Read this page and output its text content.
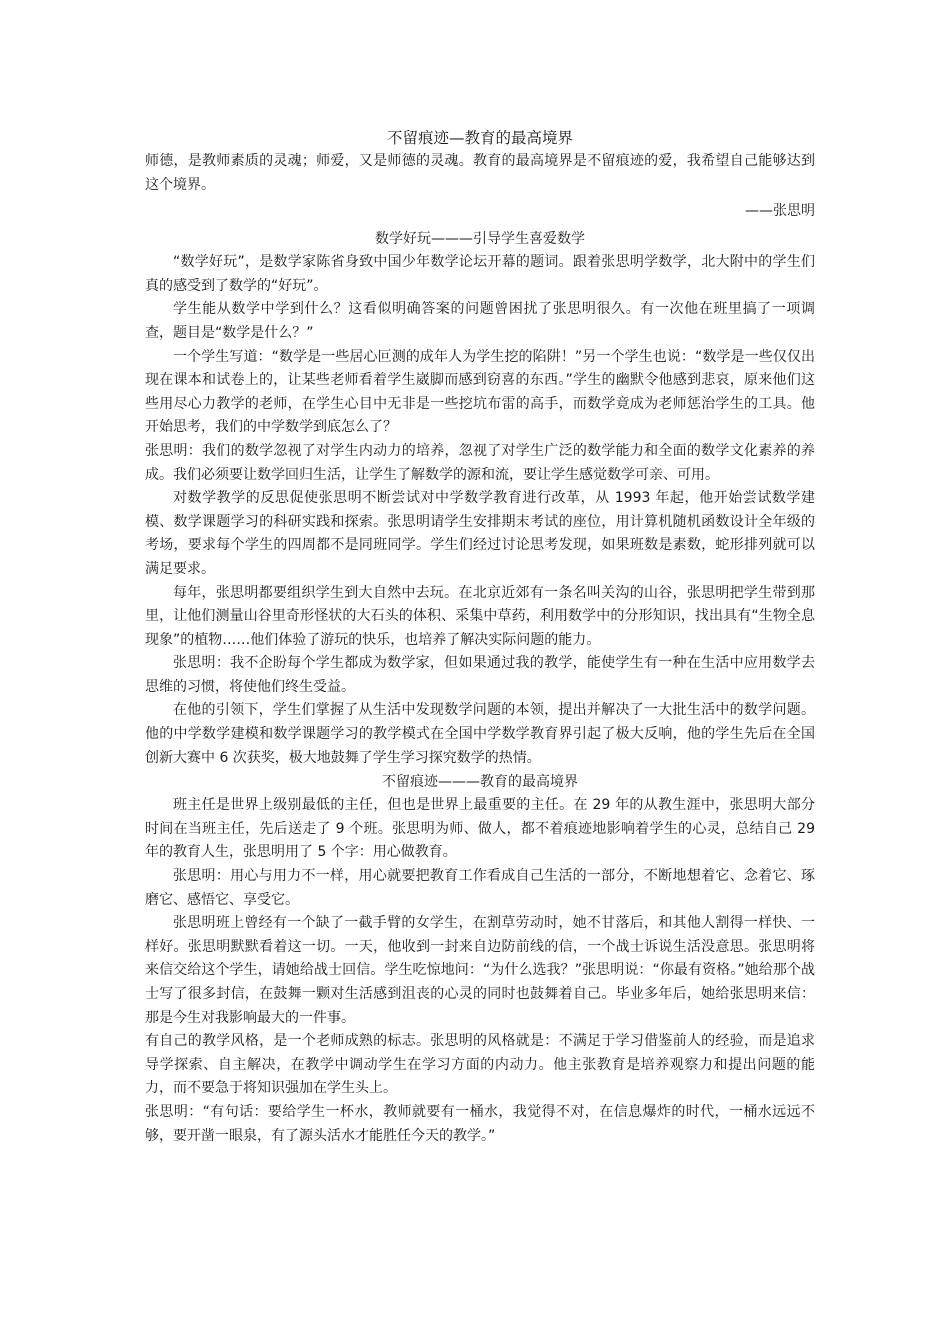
不留痕迹—教育的最高境界

师德，是教师素质的灵魂；师爱，又是师德的灵魂。教育的最高境界是不留痕迹的爱，我希望自己能够达到这个境界。

——张思明
数学好玩———引导学生喜爱数学

“数学好玩”，是数学家陈省身致中国少年数学论坛开幕的题词。跟着张思明学数学，北大附中的学生们真的感受到了数学的“好玩”。

学生能从数学中学到什么？这看似明确答案的问题曾困扰了张思明很久。有一次他在班里搞了一项调查，题目是“数学是什么？”

一个学生写道：“数学是一些居心叵测的成年人为学生挖的陷阱！”另一个学生也说：“数学是一些仅仅出现在课本和试卷上的，让某些老师看着学生崴脚而感到窃喜的东西。”学生的幽默令他感到悲哀，原来他们这些用尽心力教学的老师，在学生心目中无非是一些挖坑布雷的高手，而数学竟成为老师惩治学生的工具。他开始思考，我们的中学数学到底怎么了？

张思明：我们的数学忽视了对学生内动力的培养，忽视了对学生广泛的数学能力和全面的数学文化素养的养成。我们必须要让数学回归生活，让学生了解数学的源和流，要让学生感觉数学可亲、可用。

对数学教学的反思促使张思明不断尝试对中学数学教育进行改革，从 1993 年起，他开始尝试数学建模、数学课题学习的科研实践和探索。张思明请学生安排期末考试的座位，用计算机随机函数设计全年级的考场，要求每个学生的四周都不是同班同学。学生们经过讨论思考发现，如果班数是素数，蛇形排列就可以满足要求。

每年，张思明都要组织学生到大自然中去玩。在北京近郊有一条名叫关沟的山谷，张思明把学生带到那里，让他们测量山谷里奇形怪状的大石头的体积、采集中草药，利用数学中的分形知识，找出具有“生物全息现象”的植物……他们体验了游玩的快乐，也培养了解决实际问题的能力。

张思明：我不企盼每个学生都成为数学家，但如果通过我的教学，能使学生有一种在生活中应用数学去思维的习惯，将使他们终生受益。

在他的引领下，学生们掌握了从生活中发现数学问题的本领，提出并解决了一大批生活中的数学问题。他的中学数学建模和数学课题学习的教学模式在全国中学数学教育界引起了极大反响，他的学生先后在全国创新大赛中 6 次获奖，极大地鼓舞了学生学习探究数学的热情。

不留痕迹———教育的最高境界

班主任是世界上级别最低的主任，但也是世界上最重要的主任。在 29 年的从教生涯中，张思明大部分时间在当班主任，先后送走了 9 个班。张思明为师、做人，都不着痕迹地影响着学生的心灵，总结自己 29 年的教育人生，张思明用了 5 个字：用心做教育。

张思明：用心与用力不一样，用心就要把教育工作看成自己生活的一部分，不断地想着它、念着它、琢磨它、感悟它、享受它。

张思明班上曾经有一个缺了一截手臂的女学生，在割草劳动时，她不甘落后，和其他人割得一样快、一样好。张思明默默看着这一切。一天，他收到一封来自边防前线的信，一个战士诉说生活没意思。张思明将来信交给这个学生，请她给战士回信。学生吃惊地问：“为什么选我？”张思明说：“你最有资格。”她给那个战士写了很多封信，在鼓舞一颗对生活感到沮丧的心灵的同时也鼓舞着自己。毕业多年后，她给张思明来信：那是今生对我影响最大的一件事。

有自己的教学风格，是一个老师成熟的标志。张思明的风格就是：不满足于学习借鉴前人的经验，而是追求导学探索、自主解决，在教学中调动学生在学习方面的内动力。他主张教育是培养观察力和提出问题的能力，而不要急于将知识强加在学生头上。

张思明：“有句话：要给学生一杯水，教师就要有一桶水，我觉得不对，在信息爆炸的时代，一桶水远远不够，要开凿一眼泉，有了源头活水才能胜任今天的教学。”
